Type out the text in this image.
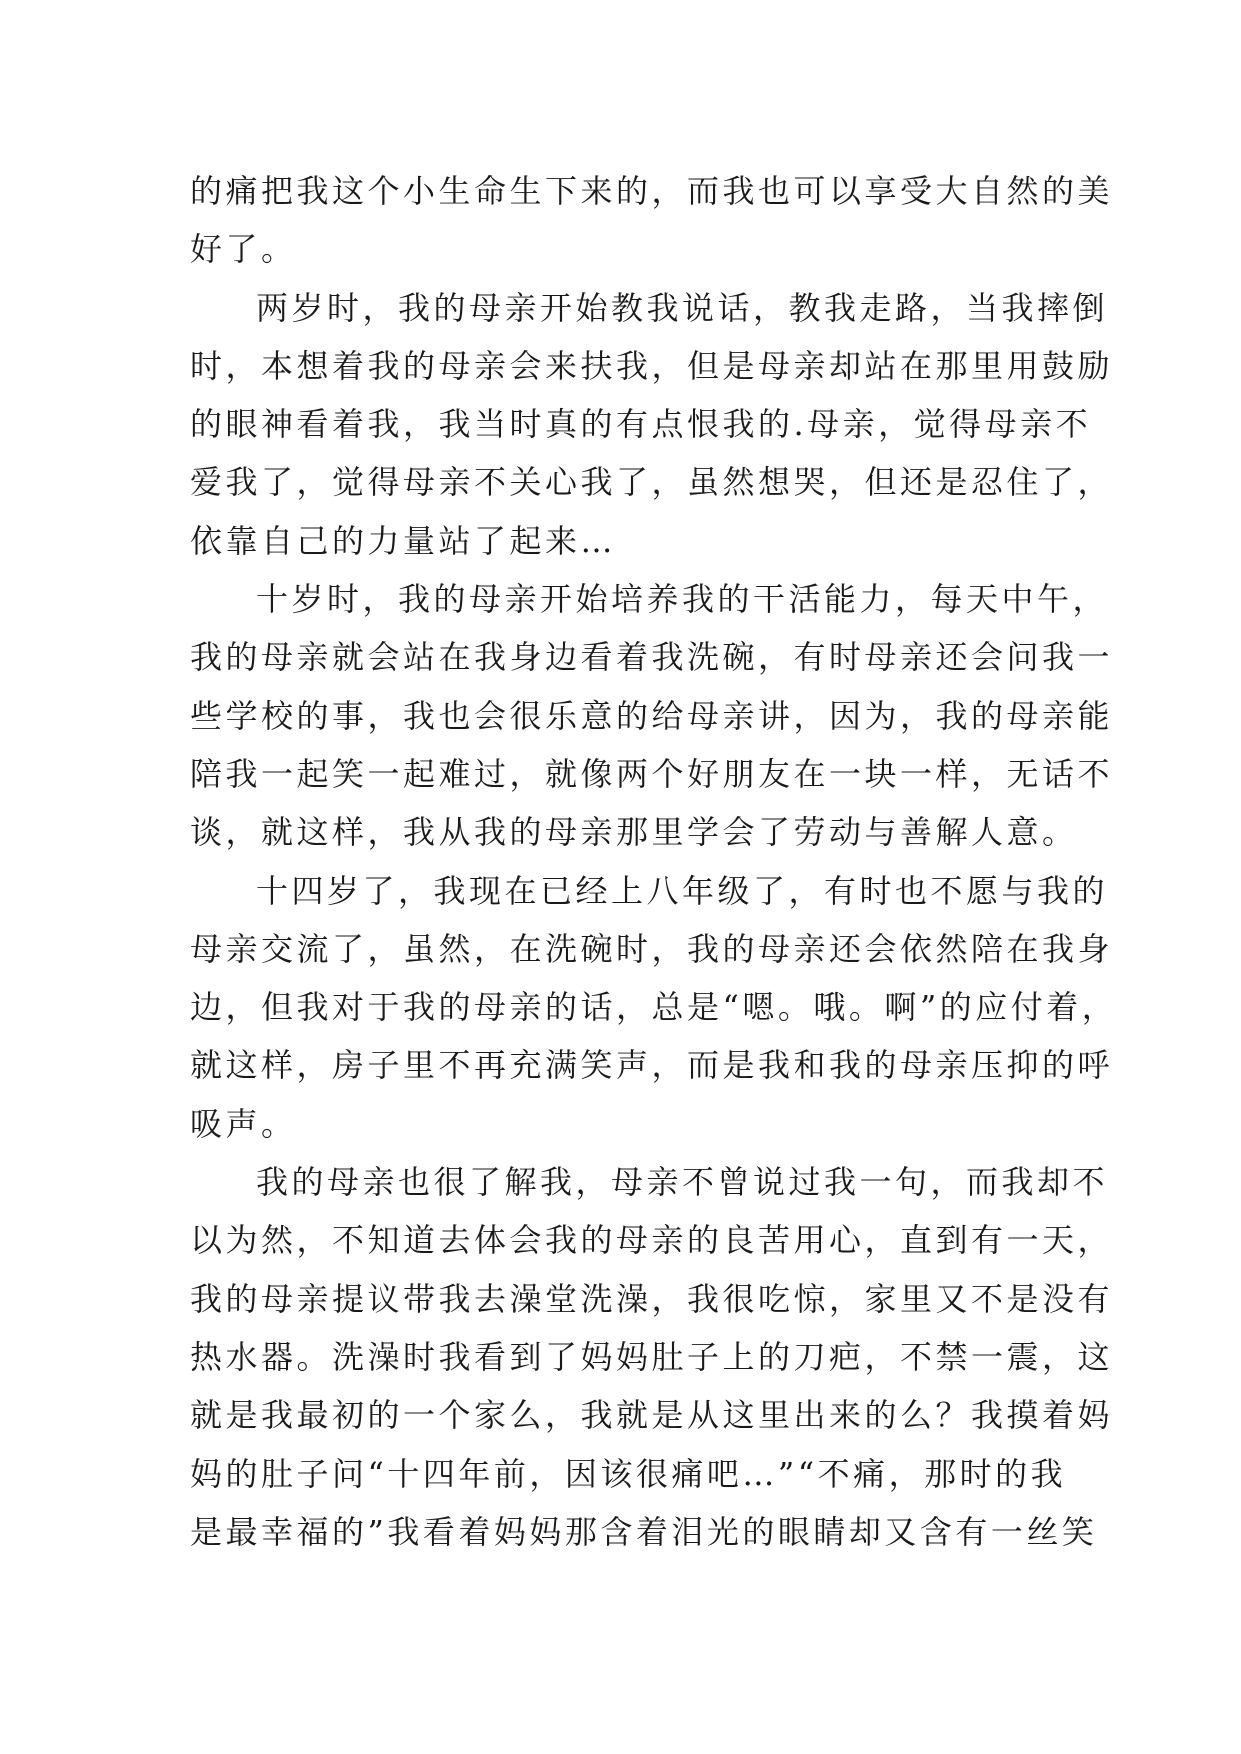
的痛把我这个小生命生下来的，而我也可以享受大自然的美
好了。
两岁时，我的母亲开始教我说话，教我走路，当我摔倒
时，本想着我的母亲会来扶我，但是母亲却站在那里用鼓励
的眼神看着我，我当时真的有点恨我的.母亲，觉得母亲不
爱我了，觉得母亲不关心我了，虽然想哭，但还是忍住了，
依靠自己的力量站了起来…
十岁时，我的母亲开始培养我的干活能力，每天中午，
我的母亲就会站在我身边看着我洗碗，有时母亲还会问我一
些学校的事，我也会很乐意的给母亲讲，因为，我的母亲能
陪我一起笑一起难过，就像两个好朋友在一块一样，无话不
谈，就这样，我从我的母亲那里学会了劳动与善解人意。
十四岁了，我现在已经上八年级了，有时也不愿与我的
母亲交流了，虽然，在洗碗时，我的母亲还会依然陪在我身
边，但我对于我的母亲的话，总是“嗯。哦。啊”的应付着，
就这样，房子里不再充满笑声，而是我和我的母亲压抑的呼
吸声。
我的母亲也很了解我，母亲不曾说过我一句，而我却不
以为然，不知道去体会我的母亲的良苦用心，直到有一天，
我的母亲提议带我去澡堂洗澡，我很吃惊，家里又不是没有
热水器。洗澡时我看到了妈妈肚子上的刀疤，不禁一震，这
就是我最初的一个家么，我就是从这里出来的么？我摸着妈
妈的肚子问“十四年前，因该很痛吧…”“不痛，那时的我
是最幸福的”我看着妈妈那含着泪光的眼睛却又含有一丝笑
